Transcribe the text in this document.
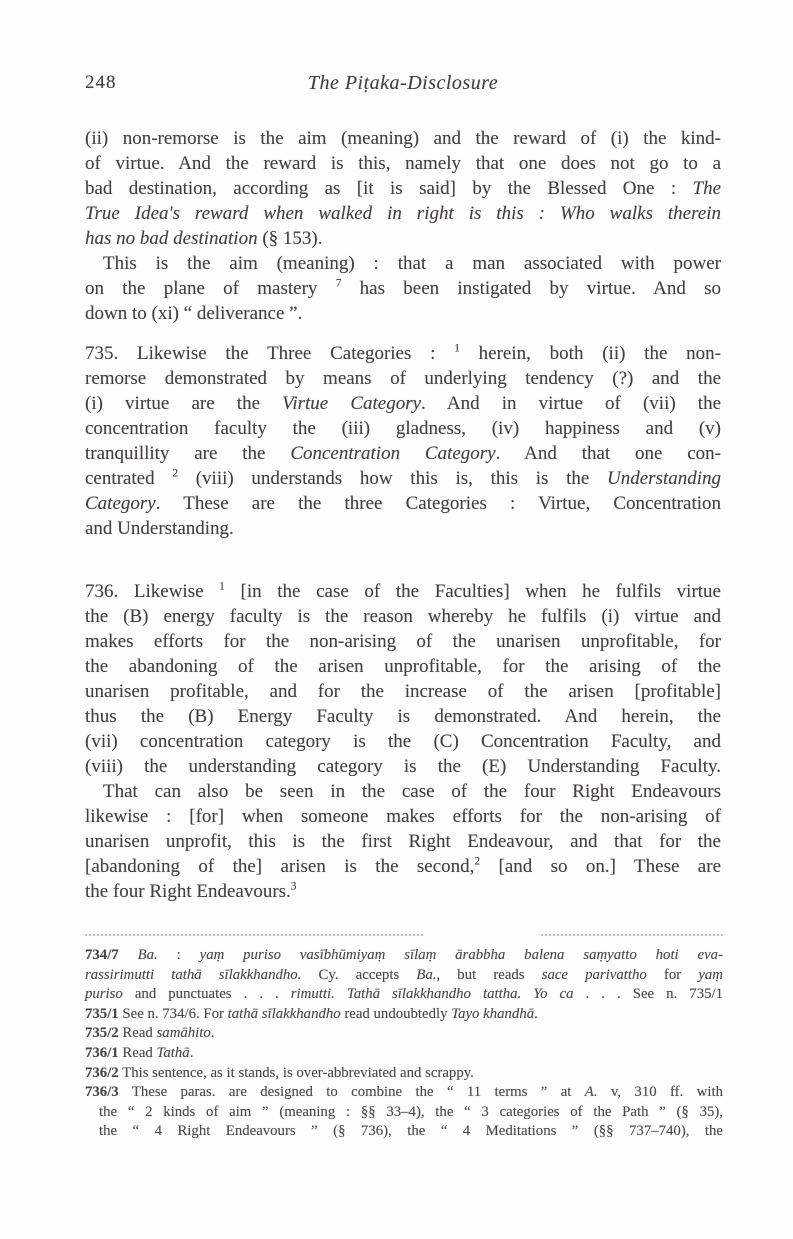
248	The Piṭaka-Disclosure
(ii) non-remorse is the aim (meaning) and the reward of (i) the kind-
of virtue. And the reward is this, namely that one does not go to a
bad destination, according as [it is said] by the Blessed One : The
True Idea's reward when walked in right is this : Who walks therein
has no bad destination (§ 153).
This is the aim (meaning) : that a man associated with power
on the plane of mastery $^7$ has been instigated by virtue. And so
down to (xi) “ deliverance ”.
735. Likewise the Three Categories : $^1$ herein, both (ii) the non-
remorse demonstrated by means of underlying tendency (?) and the
(i) virtue are the Virtue Category. And in virtue of (vii) the
concentration faculty the (iii) gladness, (iv) happiness and (v)
tranquillity are the Concentration Category. And that one con-
centrated $^2$ (viii) understands how this is, this is the Understanding
Category. These are the three Categories : Virtue, Concentration
and Understanding.
736. Likewise $^1$ [in the case of the Faculties] when he fulfils virtue
the (B) energy faculty is the reason whereby he fulfils (i) virtue and
makes efforts for the non-arising of the unarisen unprofitable, for
the abandoning of the arisen unprofitable, for the arising of the
unarisen profitable, and for the increase of the arisen [profitable]
thus the (B) Energy Faculty is demonstrated. And herein, the
(vii) concentration category is the (C) Concentration Faculty, and
(viii) the understanding category is the (E) Understanding Faculty.
That can also be seen in the case of the four Right Endeavours
likewise : [for] when someone makes efforts for the non-arising of
unarisen unprofit, this is the first Right Endeavour, and that for the
[abandoning of the] arisen is the second,$^2$ [and so on.] These are
the four Right Endeavours.$^3$
734/7 Ba. : yaṃ puriso vasībhūmiyaṃ sīlaṃ ārabbha balena saṃyatto hoti eva-
rassirimutti tathā sīlakkhandho. Cy. accepts Ba., but reads sace parivattho for yaṃ
puriso and punctuates . . . rimutti. Tathā sīlakkhandho tattha. Yo ca . . . See n. 735/1
735/1 See n. 734/6. For tathā sīlakkhandho read undoubtedly Tayo khandhā.
735/2 Read samāhito.
736/1 Read Tathā.
736/2 This sentence, as it stands, is over-abbreviated and scrappy.
736/3 These paras. are designed to combine the “ 11 terms ” at A. v, 310 ff. with
the “ 2 kinds of aim ” (meaning : §§ 33–4), the “ 3 categories of the Path ” (§ 35),
the “ 4 Right Endeavours ” (§ 736), the “ 4 Meditations ” (§§ 737–740), the
